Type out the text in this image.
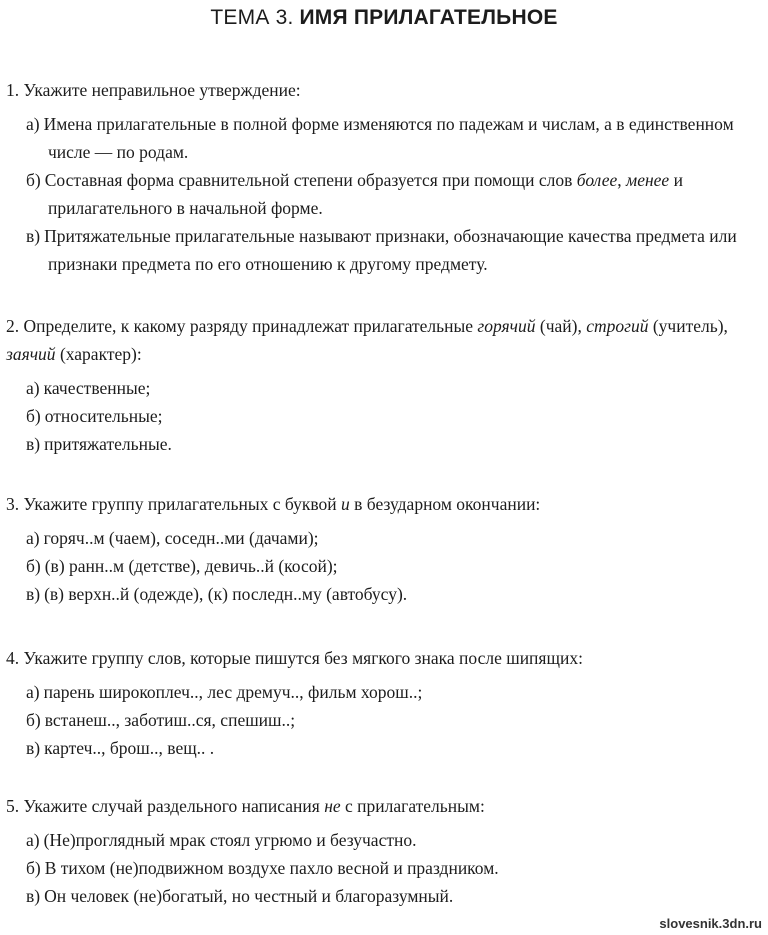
ТЕМА 3. ИМЯ ПРИЛАГАТЕЛЬНОЕ
1. Укажите неправильное утверждение:
а) Имена прилагательные в полной форме изменяются по падежам и числам, а в единственном числе — по родам.
б) Составная форма сравнительной степени образуется при помощи слов более, менее и прилагательного в начальной форме.
в) Притяжательные прилагательные называют признаки, обозначающие качества предмета или признаки предмета по его отношению к другому предмету.
2. Определите, к какому разряду принадлежат прилагательные горячий (чай), строгий (учитель), заячий (характер):
а) качественные;
б) относительные;
в) притяжательные.
3. Укажите группу прилагательных с буквой и в безударном окончании:
а) горяч..м (чаем), соседн..ми (дачами);
б) (в) ранн..м (детстве), девичь..й (косой);
в) (в) верхн..й (одежде), (к) последн..му (автобусу).
4. Укажите группу слов, которые пишутся без мягкого знака после шипящих:
а) парень широкоплеч.., лес дремуч.., фильм хорош..;
б) встанеш.., заботиш..ся, спешиш..;
в) картеч.., брош.., вещ.. .
5. Укажите случай раздельного написания не с прилагательным:
а) (Не)проглядный мрак стоял угрюмо и безучастно.
б) В тихом (не)подвижном воздухе пахло весной и праздником.
в) Он человек (не)богатый, но честный и благоразумный.
slovesnik.3dn.ru
